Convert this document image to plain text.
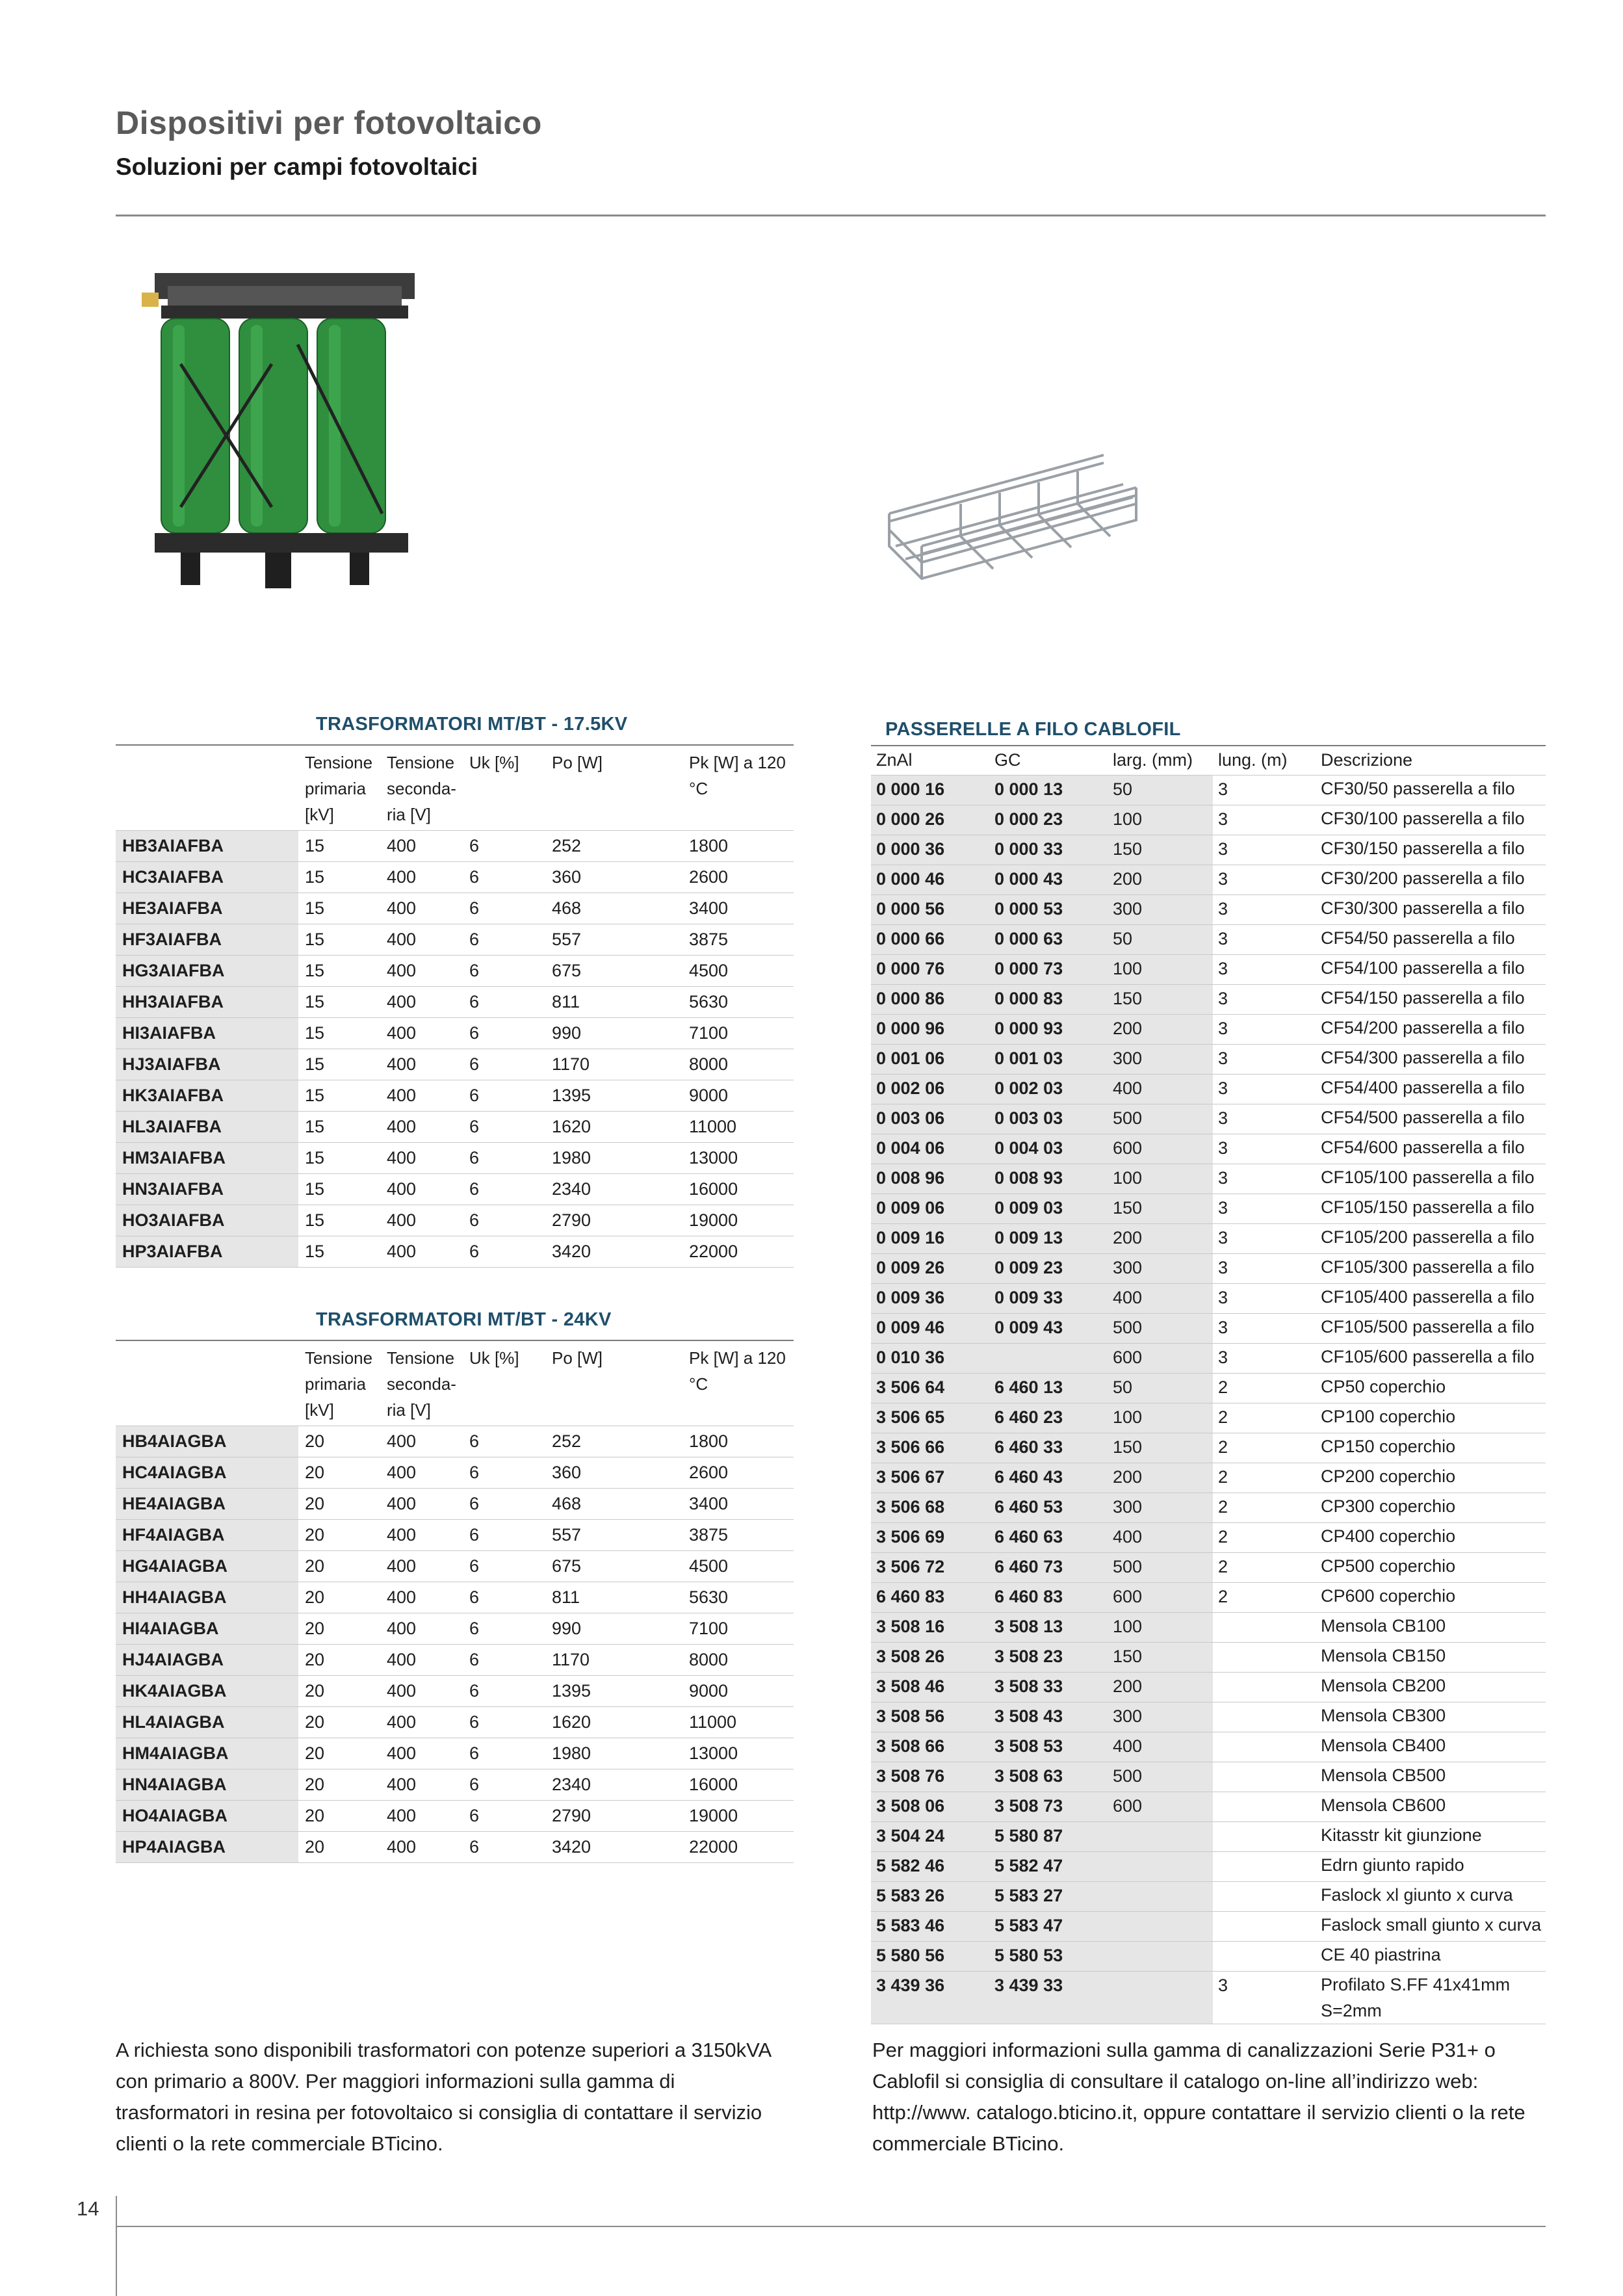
Dispositivi per fotovoltaico
Soluzioni per campi fotovoltaici
TRASFORMATORI MT/BT - 17.5KV
	Tensione primaria [kV]	Tensione seconda-ria [V]	Uk [%]	Po [W]	Pk [W] a 120 °C
HB3AIAFBA	15	400	6	252	1800
HC3AIAFBA	15	400	6	360	2600
HE3AIAFBA	15	400	6	468	3400
HF3AIAFBA	15	400	6	557	3875
HG3AIAFBA	15	400	6	675	4500
HH3AIAFBA	15	400	6	811	5630
HI3AIAFBA	15	400	6	990	7100
HJ3AIAFBA	15	400	6	1170	8000
HK3AIAFBA	15	400	6	1395	9000
HL3AIAFBA	15	400	6	1620	11000
HM3AIAFBA	15	400	6	1980	13000
HN3AIAFBA	15	400	6	2340	16000
HO3AIAFBA	15	400	6	2790	19000
HP3AIAFBA	15	400	6	3420	22000
TRASFORMATORI MT/BT - 24KV
	Tensione primaria [kV]	Tensione seconda-ria [V]	Uk [%]	Po [W]	Pk [W] a 120 °C
HB4AIAGBA	20	400	6	252	1800
HC4AIAGBA	20	400	6	360	2600
HE4AIAGBA	20	400	6	468	3400
HF4AIAGBA	20	400	6	557	3875
HG4AIAGBA	20	400	6	675	4500
HH4AIAGBA	20	400	6	811	5630
HI4AIAGBA	20	400	6	990	7100
HJ4AIAGBA	20	400	6	1170	8000
HK4AIAGBA	20	400	6	1395	9000
HL4AIAGBA	20	400	6	1620	11000
HM4AIAGBA	20	400	6	1980	13000
HN4AIAGBA	20	400	6	2340	16000
HO4AIAGBA	20	400	6	2790	19000
HP4AIAGBA	20	400	6	3420	22000
PASSERELLE A FILO CABLOFIL
ZnAl	GC	larg. (mm)	lung. (m)	Descrizione
0 000 16	0 000 13	50	3	CF30/50 passerella a filo
0 000 26	0 000 23	100	3	CF30/100 passerella a filo
0 000 36	0 000 33	150	3	CF30/150 passerella a filo
0 000 46	0 000 43	200	3	CF30/200 passerella a filo
0 000 56	0 000 53	300	3	CF30/300 passerella a filo
0 000 66	0 000 63	50	3	CF54/50 passerella a filo
0 000 76	0 000 73	100	3	CF54/100 passerella a filo
0 000 86	0 000 83	150	3	CF54/150 passerella a filo
0 000 96	0 000 93	200	3	CF54/200 passerella a filo
0 001 06	0 001 03	300	3	CF54/300 passerella a filo
0 002 06	0 002 03	400	3	CF54/400 passerella a filo
0 003 06	0 003 03	500	3	CF54/500 passerella a filo
0 004 06	0 004 03	600	3	CF54/600 passerella a filo
0 008 96	0 008 93	100	3	CF105/100 passerella a filo
0 009 06	0 009 03	150	3	CF105/150 passerella a filo
0 009 16	0 009 13	200	3	CF105/200 passerella a filo
0 009 26	0 009 23	300	3	CF105/300 passerella a filo
0 009 36	0 009 33	400	3	CF105/400 passerella a filo
0 009 46	0 009 43	500	3	CF105/500 passerella a filo
0 010 36		600	3	CF105/600 passerella a filo
3 506 64	6 460 13	50	2	CP50 coperchio
3 506 65	6 460 23	100	2	CP100 coperchio
3 506 66	6 460 33	150	2	CP150 coperchio
3 506 67	6 460 43	200	2	CP200 coperchio
3 506 68	6 460 53	300	2	CP300 coperchio
3 506 69	6 460 63	400	2	CP400 coperchio
3 506 72	6 460 73	500	2	CP500 coperchio
6 460 83	6 460 83	600	2	CP600 coperchio
3 508 16	3 508 13	100		Mensola CB100
3 508 26	3 508 23	150		Mensola CB150
3 508 46	3 508 33	200		Mensola CB200
3 508 56	3 508 43	300		Mensola CB300
3 508 66	3 508 53	400		Mensola CB400
3 508 76	3 508 63	500		Mensola CB500
3 508 06	3 508 73	600		Mensola CB600
3 504 24	5 580 87			Kitasstr kit giunzione
5 582 46	5 582 47			Edrn giunto rapido
5 583 26	5 583 27			Faslock xl giunto x curva
5 583 46	5 583 47			Faslock small giunto x curva
5 580 56	5 580 53			CE 40 piastrina
3 439 36	3 439 33		3	Profilato S.FF 41x41mm S=2mm
A richiesta sono disponibili trasformatori con potenze superiori a 3150kVA con primario a 800V. Per maggiori informazioni sulla gamma di trasformatori in resina per fotovoltaico si consiglia di contattare il servizio clienti o la rete commerciale BTicino.
Per maggiori informazioni sulla gamma di canalizzazioni Serie P31+ o Cablofil si consiglia di consultare il catalogo on-line all’indirizzo web: http://www. catalogo.bticino.it, oppure contattare il servizio clienti o la rete commerciale BTicino.
14
